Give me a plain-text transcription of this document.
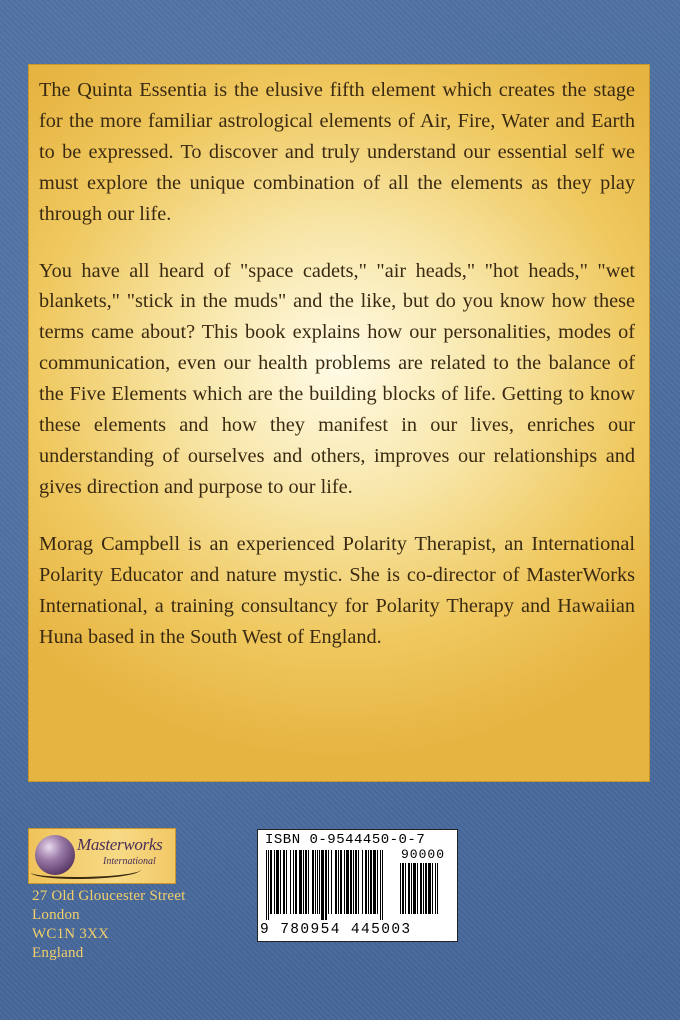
The Quinta Essentia is the elusive fifth element which creates the stage for the more familiar astrological elements of Air, Fire, Water and Earth to be expressed. To discover and truly understand our essential self we must explore the unique combination of all the elements as they play through our life.

You have all heard of "space cadets," "air heads," "hot heads," "wet blankets," "stick in the muds" and the like, but do you know how these terms came about? This book explains how our personalities, modes of communication, even our health problems are related to the balance of the Five Elements which are the building blocks of life. Getting to know these elements and how they manifest in our lives, enriches our understanding of ourselves and others, improves our relationships and gives direction and purpose to our life.

Morag Campbell is an experienced Polarity Therapist, an International Polarity Educator and nature mystic. She is co-director of MasterWorks International, a training consultancy for Polarity Therapy and Hawaiian Huna based in the South West of England.

Masterworks
International
27 Old Gloucester Street
London
WC1N 3XX
England
ISBN 0-9544450-0-7
90000
9 780954 445003
